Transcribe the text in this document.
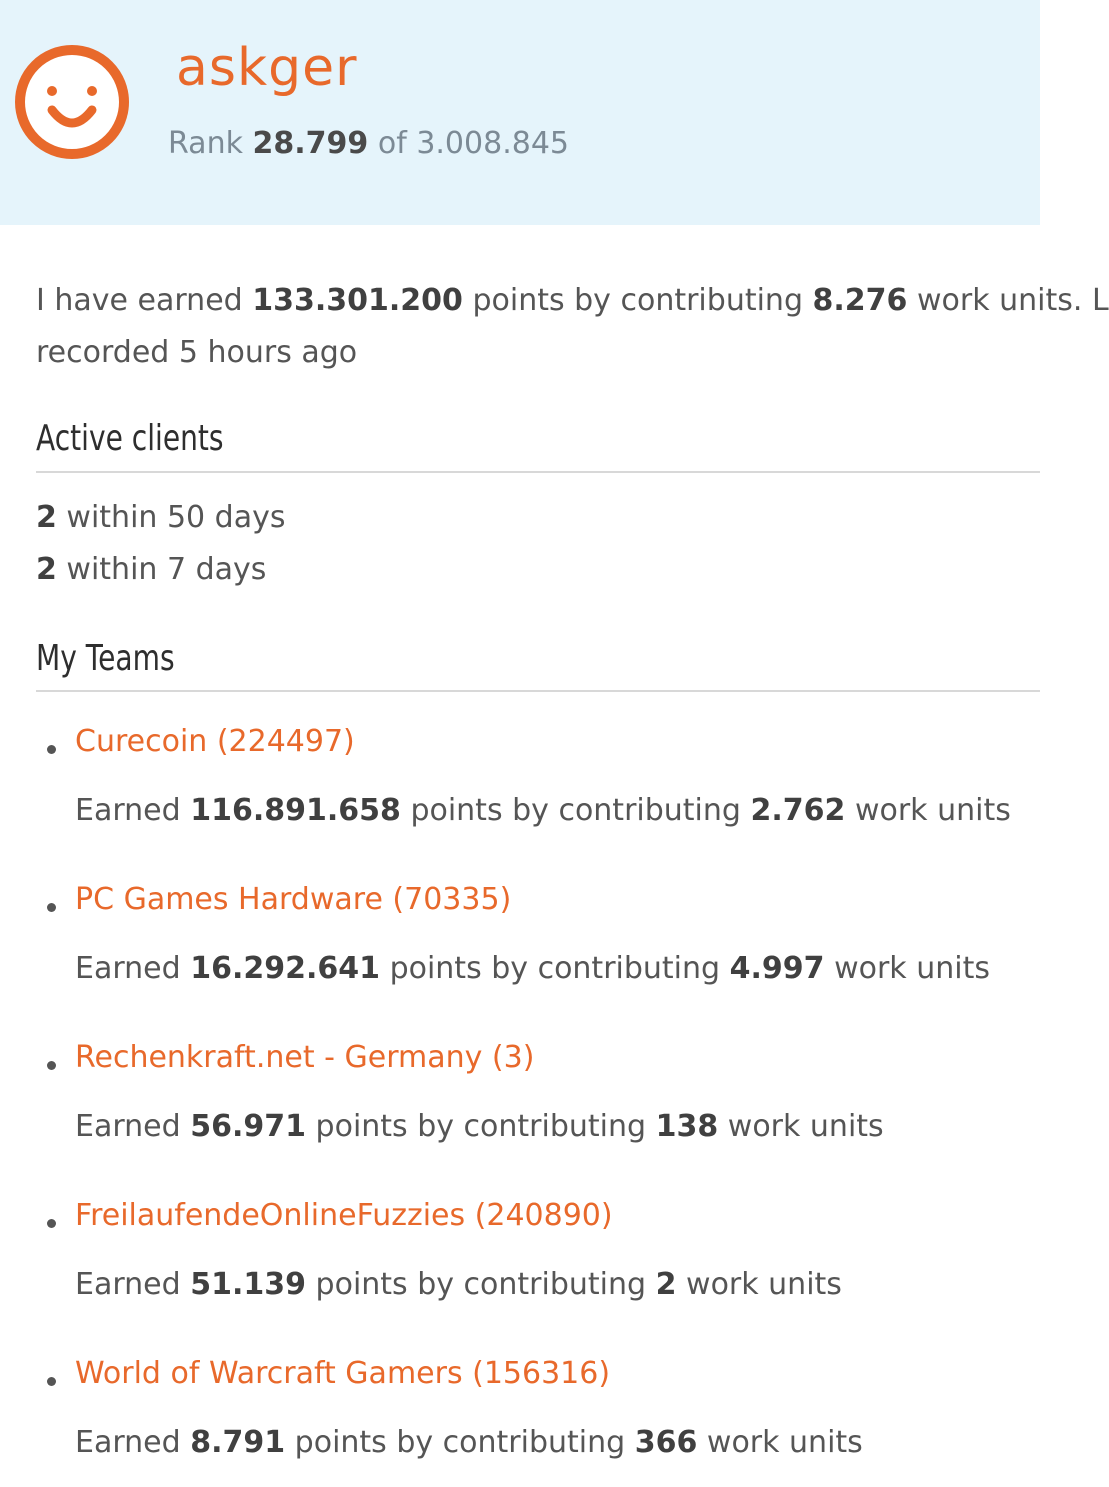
askger
Rank 28.799 of 3.008.845
I have earned 133.301.200 points by contributing 8.276 work units. L
recorded 5 hours ago
Active clients
2 within 50 days
2 within 7 days
My Teams
Curecoin (224497)
Earned 116.891.658 points by contributing 2.762 work units
PC Games Hardware (70335)
Earned 16.292.641 points by contributing 4.997 work units
Rechenkraft.net - Germany (3)
Earned 56.971 points by contributing 138 work units
FreilaufendeOnlineFuzzies (240890)
Earned 51.139 points by contributing 2 work units
World of Warcraft Gamers (156316)
Earned 8.791 points by contributing 366 work units
